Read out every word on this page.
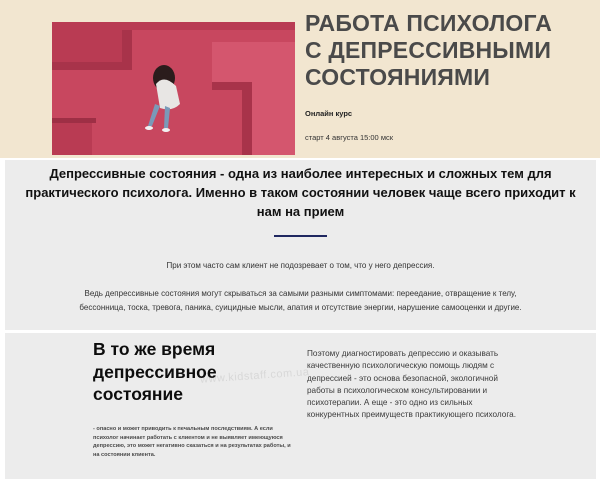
РАБОТА ПСИХОЛОГА
С ДЕПРЕССИВНЫМИ
СОСТОЯНИЯМИ
Онлайн курс
старт 4 августа 15:00 мск
Депрессивные состояния - одна из наиболее интересных и сложных тем для практического психолога. Именно в таком состоянии человек чаще всего приходит к нам на прием

При этом часто сам клиент не подозревает о том, что у него депрессия.

Ведь депрессивные состояния могут скрываться за самыми разными симптомами: переедание, отвращение к телу, бессонница, тоска, тревога, паника, суицидные мысли, апатия и отсутствие энергии, нарушение самооценки и другие.

В то же время
депрессивное
состояние

- опасно и может приводить к печальным последствиям. А если психолог начинает работать с клиентом и не выявляет имеющуюся депрессию, это может негативно сказаться и на результатах работы, и на состоянии клиента.

Поэтому диагностировать депрессию и оказывать качественную психологическую помощь людям с депрессией - это основа безопасной, экологичной работы в психологическом консультировании и психотерапии. А еще - это одно из сильных конкурентных преимуществ практикующего психолога.
